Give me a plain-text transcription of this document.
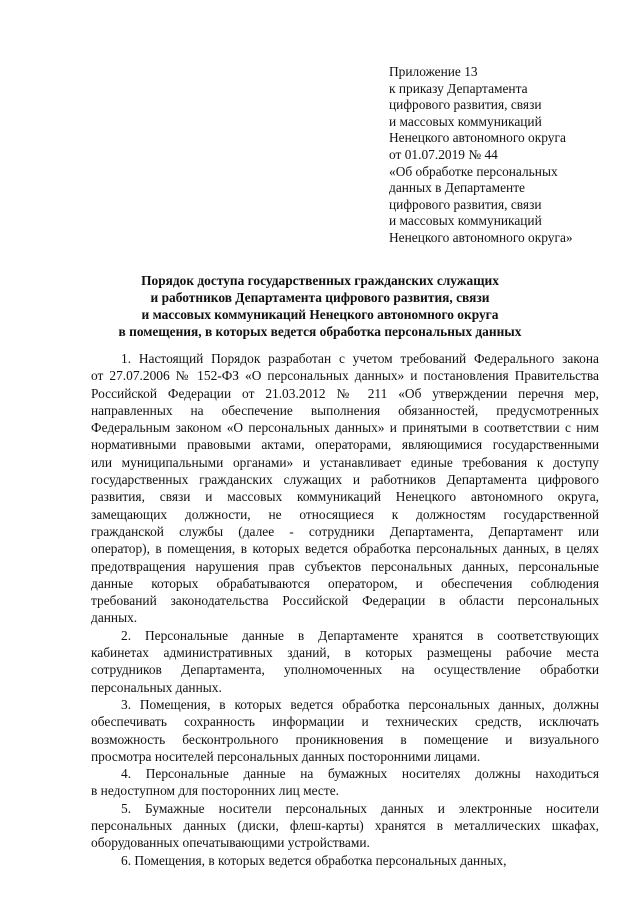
Приложение 13
к приказу Департамента
цифрового развития, связи
и массовых коммуникаций
Ненецкого автономного округа
от 01.07.2019 № 44
«Об обработке персональных
данных в Департаменте
цифрового развития, связи
и массовых коммуникаций
Ненецкого автономного округа»
Порядок доступа государственных гражданских служащих
и работников Департамента цифрового развития, связи
и массовых коммуникаций Ненецкого автономного округа
в помещения, в которых ведется обработка персональных данных
1. Настоящий Порядок разработан с учетом требований Федерального закона
от 27.07.2006 № 152-ФЗ «О персональных данных» и постановления Правительства
Российской Федерации от 21.03.2012 № 211 «Об утверждении перечня мер,
направленных на обеспечение выполнения обязанностей, предусмотренных
Федеральным законом «О персональных данных» и принятыми в соответствии с ним
нормативными правовыми актами, операторами, являющимися государственными
или муниципальными органами» и устанавливает единые требования к доступу
государственных гражданских служащих и работников Департамента цифрового
развития, связи и массовых коммуникаций Ненецкого автономного округа,
замещающих должности, не относящиеся к должностям государственной
гражданской службы (далее - сотрудники Департамента, Департамент или
оператор), в помещения, в которых ведется обработка персональных данных, в целях
предотвращения нарушения прав субъектов персональных данных, персональные
данные которых обрабатываются оператором, и обеспечения соблюдения
требований законодательства Российской Федерации в области персональных
данных.
2. Персональные данные в Департаменте хранятся в соответствующих
кабинетах административных зданий, в которых размещены рабочие места
сотрудников Департамента, уполномоченных на осуществление обработки
персональных данных.
3. Помещения, в которых ведется обработка персональных данных, должны
обеспечивать сохранность информации и технических средств, исключать
возможность бесконтрольного проникновения в помещение и визуального
просмотра носителей персональных данных посторонними лицами.
4. Персональные данные на бумажных носителях должны находиться
в недоступном для посторонних лиц месте.
5. Бумажные носители персональных данных и электронные носители
персональных данных (диски, флеш-карты) хранятся в металлических шкафах,
оборудованных опечатывающими устройствами.
6. Помещения, в которых ведется обработка персональных данных,
